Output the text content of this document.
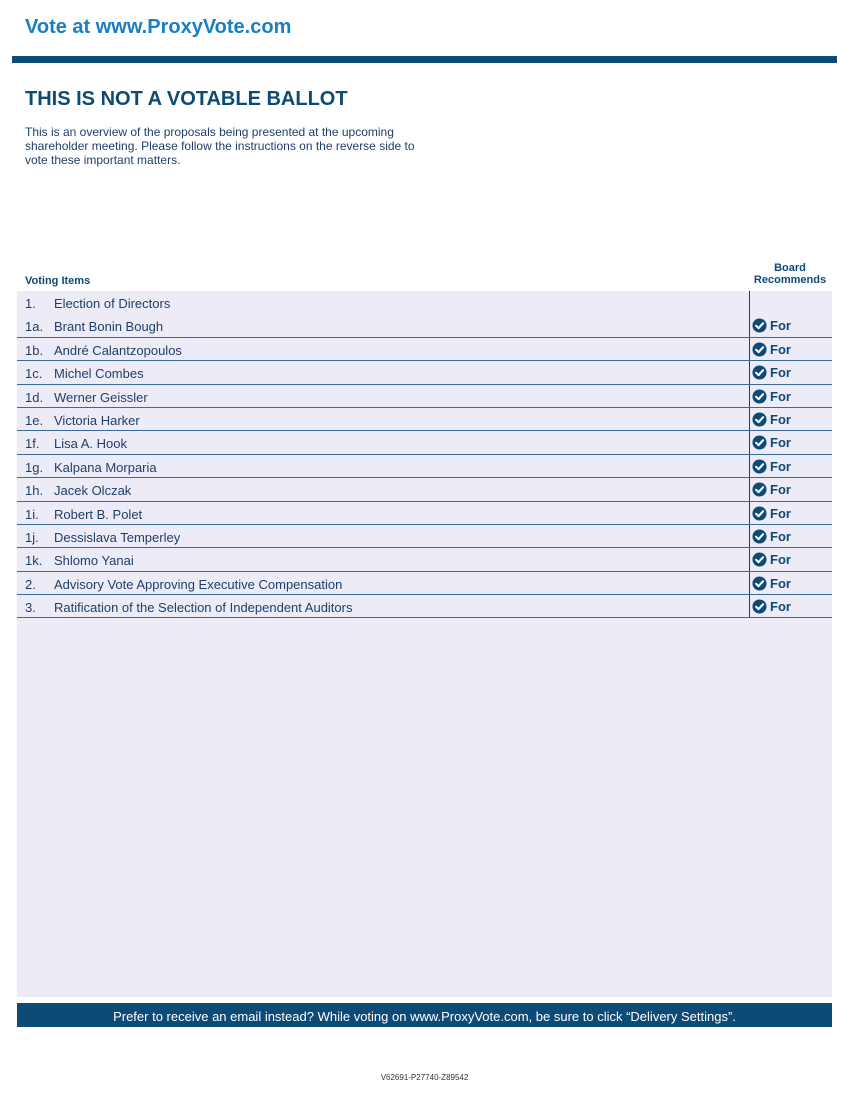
Vote at www.ProxyVote.com
THIS IS NOT A VOTABLE BALLOT
This is an overview of the proposals being presented at the upcoming shareholder meeting. Please follow the instructions on the reverse side to vote these important matters.
Voting Items
Board
Recommends
1. Election of Directors
1a. Brant Bonin Bough	For
1b. André Calantzopoulos	For
1c. Michel Combes	For
1d. Werner Geissler	For
1e. Victoria Harker	For
1f. Lisa A. Hook	For
1g. Kalpana Morparia	For
1h. Jacek Olczak	For
1i. Robert B. Polet	For
1j. Dessislava Temperley	For
1k. Shlomo Yanai	For
2. Advisory Vote Approving Executive Compensation	For
3. Ratification of the Selection of Independent Auditors	For
Prefer to receive an email instead? While voting on www.ProxyVote.com, be sure to click “Delivery Settings”.
V62691-P27740-Z89542
